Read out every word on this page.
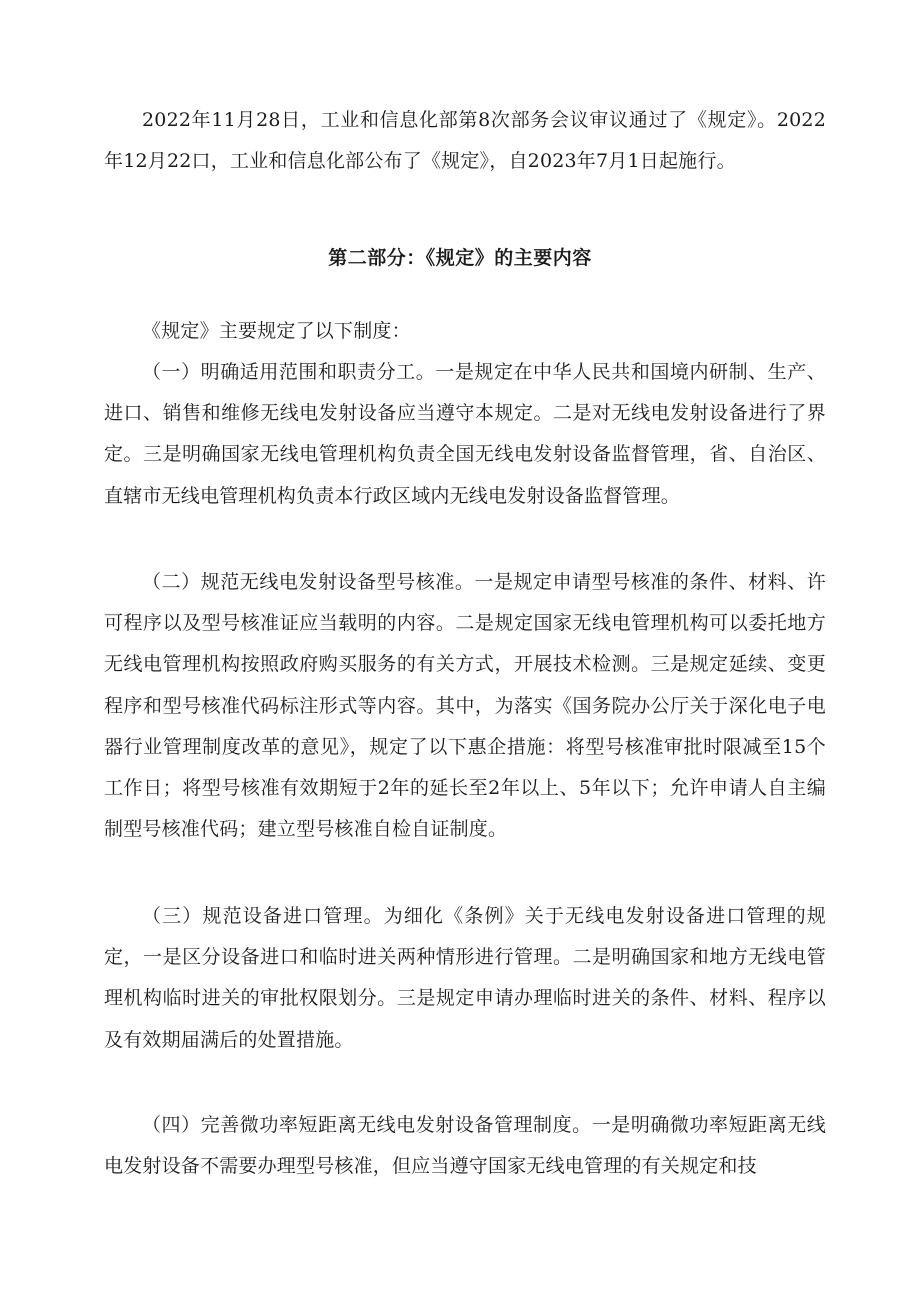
2022年11月28日，工业和信息化部第8次部务会议审议通过了《规定》。2022年12月22口，工业和信息化部公布了《规定》，自2023年7月1日起施行。

第二部分：《规定》的主要内容

《规定》主要规定了以下制度：

（一）明确适用范围和职责分工。一是规定在中华人民共和国境内研制、生产、进口、销售和维修无线电发射设备应当遵守本规定。二是对无线电发射设备进行了界定。三是明确国家无线电管理机构负责全国无线电发射设备监督管理，省、自治区、直辖市无线电管理机构负责本行政区域内无线电发射设备监督管理。

（二）规范无线电发射设备型号核准。一是规定申请型号核准的条件、材料、许可程序以及型号核准证应当载明的内容。二是规定国家无线电管理机构可以委托地方无线电管理机构按照政府购买服务的有关方式，开展技术检测。三是规定延续、变更程序和型号核准代码标注形式等内容。其中，为落实《国务院办公厅关于深化电子电器行业管理制度改革的意见》，规定了以下惠企措施：将型号核准审批时限减至15个工作日；将型号核准有效期短于2年的延长至2年以上、5年以下；允许申请人自主编制型号核准代码；建立型号核准自检自证制度。

（三）规范设备进口管理。为细化《条例》关于无线电发射设备进口管理的规定，一是区分设备进口和临时进关两种情形进行管理。二是明确国家和地方无线电管理机构临时进关的审批权限划分。三是规定申请办理临时进关的条件、材料、程序以及有效期届满后的处置措施。

（四）完善微功率短距离无线电发射设备管理制度。一是明确微功率短距离无线电发射设备不需要办理型号核准，但应当遵守国家无线电管理的有关规定和技
